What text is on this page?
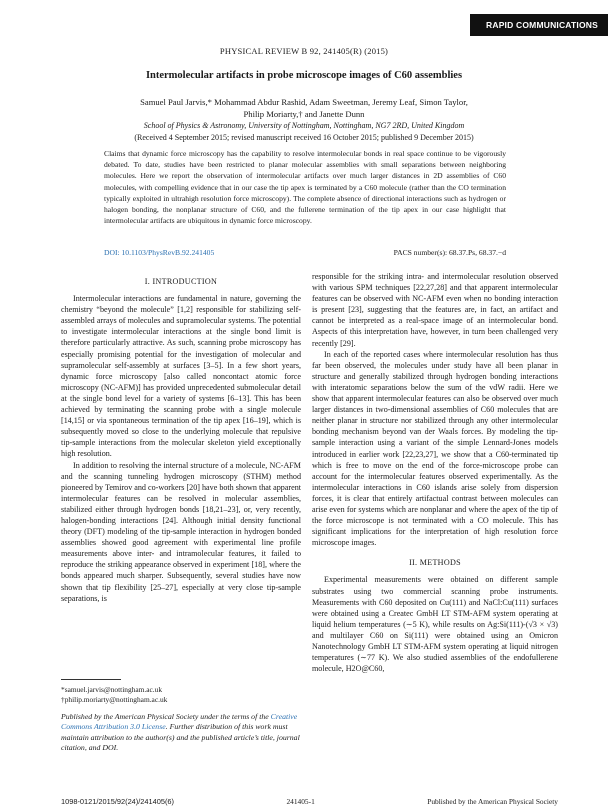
RAPID COMMUNICATIONS
PHYSICAL REVIEW B 92, 241405(R) (2015)
Intermolecular artifacts in probe microscope images of C60 assemblies
Samuel Paul Jarvis,* Mohammad Abdur Rashid, Adam Sweetman, Jeremy Leaf, Simon Taylor,
Philip Moriarty,† and Janette Dunn
School of Physics & Astronomy, University of Nottingham, Nottingham, NG7 2RD, United Kingdom
(Received 4 September 2015; revised manuscript received 16 October 2015; published 9 December 2015)
Claims that dynamic force microscopy has the capability to resolve intermolecular bonds in real space continue to be vigorously debated. To date, studies have been restricted to planar molecular assemblies with small separations between neighboring molecules. Here we report the observation of intermolecular artifacts over much larger distances in 2D assemblies of C60 molecules, with compelling evidence that in our case the tip apex is terminated by a C60 molecule (rather than the CO termination typically exploited in ultrahigh resolution force microscopy). The complete absence of directional interactions such as hydrogen or halogen bonding, the nonplanar structure of C60, and the fullerene termination of the tip apex in our case highlight that intermolecular artifacts are ubiquitous in dynamic force microscopy.
DOI: 10.1103/PhysRevB.92.241405	PACS number(s): 68.37.Ps, 68.37.−d
I. INTRODUCTION

Intermolecular interactions are fundamental in nature, governing the chemistry “beyond the molecule” [1,2] responsible for stabilizing self-assembled arrays of molecules and supramolecular systems. The potential to investigate intermolecular interactions at the single bond limit is therefore particularly attractive. As such, scanning probe microscopy has especially promising potential for the investigation of molecular and supramolecular self-assembly at surfaces [3–5]. In a few short years, dynamic force microscopy [also called noncontact atomic force microscopy (NC-AFM)] has provided unprecedented submolecular detail at the single bond level for a variety of systems [6–13]. This has been achieved by terminating the scanning probe with a single molecule [14,15] or via spontaneous termination of the tip apex [16–19], which is subsequently moved so close to the underlying molecule that repulsive tip-sample interactions from the molecular skeleton yield exceptionally high resolution.

In addition to resolving the internal structure of a molecule, NC-AFM and the scanning tunneling hydrogen microscopy (STHM) method pioneered by Temirov and co-workers [20] have both shown that apparent intermolecular features can be resolved in molecular assemblies, stabilized either through hydrogen bonds [18,21–23], or, very recently, halogen-bonding interactions [24]. Although initial density functional theory (DFT) modeling of the tip-sample interaction in hydrogen bonded assemblies showed good agreement with experimental line profile measurements above inter- and intramolecular features, it failed to reproduce the striking appearance observed in experiment [18], where the bonds appeared much sharper. Subsequently, several studies have now shown that tip flexibility [25–27], especially at very close tip-sample separations, is

responsible for the striking intra- and intermolecular resolution observed with various SPM techniques [22,27,28] and that apparent intermolecular features can be observed with NC-AFM even when no bonding interaction is present [23], suggesting that the features are, in fact, an artifact and cannot be interpreted as a real-space image of an intermolecular bond. Aspects of this interpretation have, however, in turn been challenged very recently [29].

In each of the reported cases where intermolecular resolution has thus far been observed, the molecules under study have all been planar in structure and generally stabilized through hydrogen bonding interactions with interatomic separations below the sum of the vdW radii. Here we show that apparent intermolecular features can also be observed over much larger distances in two-dimensional assemblies of C60 molecules that are neither planar in structure nor stabilized through any other intermolecular bonding mechanism beyond van der Waals forces. By modeling the tip-sample interaction using a variant of the simple Lennard-Jones models introduced in earlier work [22,23,27], we show that a C60-terminated tip which is free to move on the end of the force-microscope probe can account for the intermolecular features observed experimentally. As the intermolecular interactions in C60 islands arise solely from dispersion forces, it is clear that entirely artifactual contrast between molecules can arise even for systems which are nonplanar and where the apex of the tip of the force microscope is not terminated with a CO molecule. This has significant implications for the interpretation of high resolution force microscope images.

II. METHODS

Experimental measurements were obtained on different sample substrates using two commercial scanning probe instruments. Measurements with C60 deposited on Cu(111) and NaCl:Cu(111) surfaces were obtained using a Createc GmbH LT STM-AFM system operating at liquid helium temperatures (∼5 K), while results on Ag:Si(111)-(√3 × √3) and multilayer C60 on Si(111) were obtained using an Omicron Nanotechnology GmbH LT STM-AFM system operating at liquid nitrogen temperatures (∼77 K). We also studied assemblies of the endofullerene molecule, H2O@C60,

*samuel.jarvis@nottingham.ac.uk
†philip.moriarty@nottingham.ac.uk
Published by the American Physical Society under the terms of the Creative Commons Attribution 3.0 License. Further distribution of this work must maintain attribution to the author(s) and the published article’s title, journal citation, and DOI.
1098-0121/2015/92(24)/241405(6)	241405-1	Published by the American Physical Society
